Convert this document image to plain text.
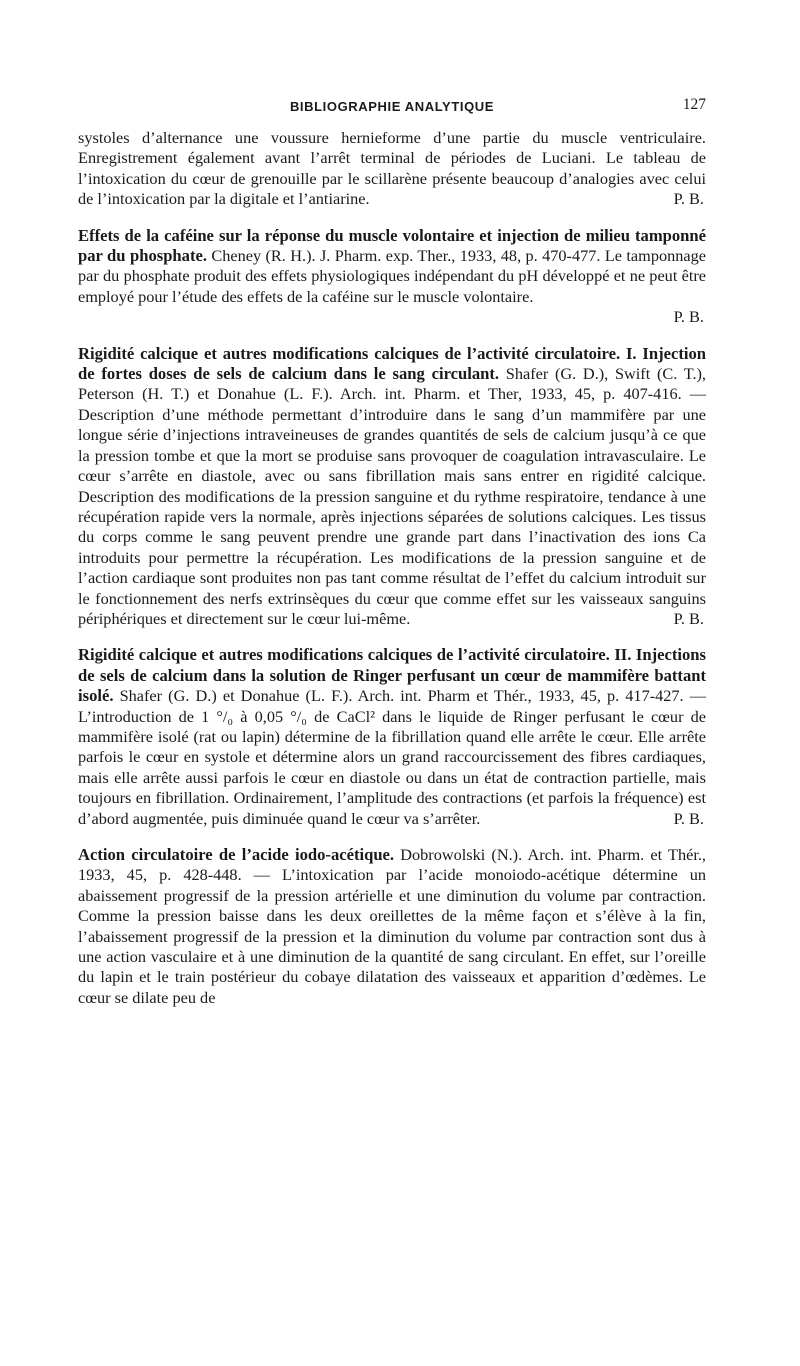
BIBLIOGRAPHIE ANALYTIQUE	127

systoles d’alternance une voussure hernieforme d’une partie du muscle ventriculaire. Enregistrement également avant l’arrêt terminal de périodes de Luciani. Le tableau de l’intoxication du cœur de grenouille par le scillarène présente beaucoup d’analogies avec celui de l’intoxication par la digitale et l’antiarine.	P. B.

Effets de la caféine sur la réponse du muscle volontaire et injection de milieu tamponné par du phosphate. Cheney (R. H.). J. Pharm. exp. Ther., 1933, 48, p. 470-477. Le tamponnage par du phosphate produit des effets physiologiques indépendant du pH développé et ne peut être employé pour l’étude des effets de la caféine sur le muscle volontaire.
P. B.

Rigidité calcique et autres modifications calciques de l’activité circulatoire. I. Injection de fortes doses de sels de calcium dans le sang circulant. Shafer (G. D.), Swift (C. T.), Peterson (H. T.) et Donahue (L. F.). Arch. int. Pharm. et Ther, 1933, 45, p. 407-416. — Description d’une méthode permettant d’introduire dans le sang d’un mammifère par une longue série d’injections intraveineuses de grandes quantités de sels de calcium jusqu’à ce que la pression tombe et que la mort se produise sans provoquer de coagulation intravasculaire. Le cœur s’arrête en diastole, avec ou sans fibrillation mais sans entrer en rigidité calcique. Description des modifications de la pression sanguine et du rythme respiratoire, tendance à une récupération rapide vers la normale, après injections séparées de solutions calciques. Les tissus du corps comme le sang peuvent prendre une grande part dans l’inactivation des ions Ca introduits pour permettre la récupération. Les modifications de la pression sanguine et de l’action cardiaque sont produites non pas tant comme résultat de l’effet du calcium introduit sur le fonctionnement des nerfs extrinsèques du cœur que comme effet sur les vaisseaux sanguins périphériques et directement sur le cœur lui-même.	P. B.

Rigidité calcique et autres modifications calciques de l’activité circulatoire. II. Injections de sels de calcium dans la solution de Ringer perfusant un cœur de mammifère battant isolé. Shafer (G. D.) et Donahue (L. F.). Arch. int. Pharm et Thér., 1933, 45, p. 417-427. — L’introduction de 1 °/₀ à 0,05 °/₀ de CaCl² dans le liquide de Ringer perfusant le cœur de mammifère isolé (rat ou lapin) détermine de la fibrillation quand elle arrête le cœur. Elle arrête parfois le cœur en systole et détermine alors un grand raccourcissement des fibres cardiaques, mais elle arrête aussi parfois le cœur en diastole ou dans un état de contraction partielle, mais toujours en fibrillation. Ordinairement, l’amplitude des contractions (et parfois la fréquence) est d’abord augmentée, puis diminuée quand le cœur va s’arrêter.	P. B.

Action circulatoire de l’acide iodo-acétique. Dobrowolski (N.). Arch. int. Pharm. et Thér., 1933, 45, p. 428-448. — L’intoxication par l’acide monoiodo-acétique détermine un abaissement progressif de la pression artérielle et une diminution du volume par contraction. Comme la pression baisse dans les deux oreillettes de la même façon et s’élève à la fin, l’abaissement progressif de la pression et la diminution du volume par contraction sont dus à une action vasculaire et à une diminution de la quantité de sang circulant. En effet, sur l’oreille du lapin et le train postérieur du cobaye dilatation des vaisseaux et apparition d’œdèmes. Le cœur se dilate peu de
